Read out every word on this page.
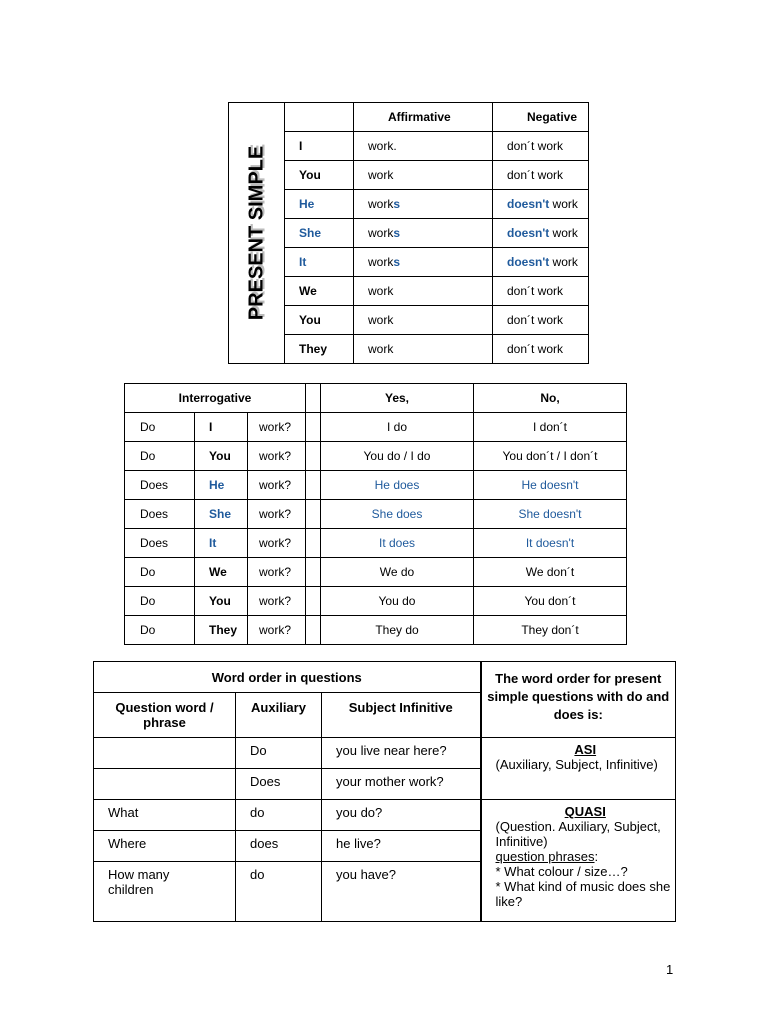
PRESENT SIMPLE		Affirmative	Negative
	I	work.	don´t work
	You	work	don´t work
	He	works	doesn't work
	She	works	doesn't work
	It	works	doesn't work
	We	work	don´t work
	You	work	don´t work
	They	work	don´t work
Interrogative				Yes,	No,
Do	I	work?		I do	I don´t
Do	You	work?		You do / I do	You don´t / I don´t
Does	He	work?		He does	He doesn't
Does	She	work?		She does	She doesn't
Does	It	work?		It does	It doesn't
Do	We	work?		We do	We don´t
Do	You	work?		You do	You don´t
Do	They	work?		They do	They don´t
Word order in questions			The word order for present simple questions with do and does is:
Question word / phrase	Auxiliary	Subject Infinitive	
	Do	you live near here?	ASI
(Auxiliary, Subject, Infinitive)

	Does	your mother work?	
What	do	you do?	QUASI
(Question. Auxiliary, Subject, Infinitive)
question phrases:
* What colour / size…?
* What kind of music does she like?

Where	does	he live?	
How many children	do	you have?	
1
